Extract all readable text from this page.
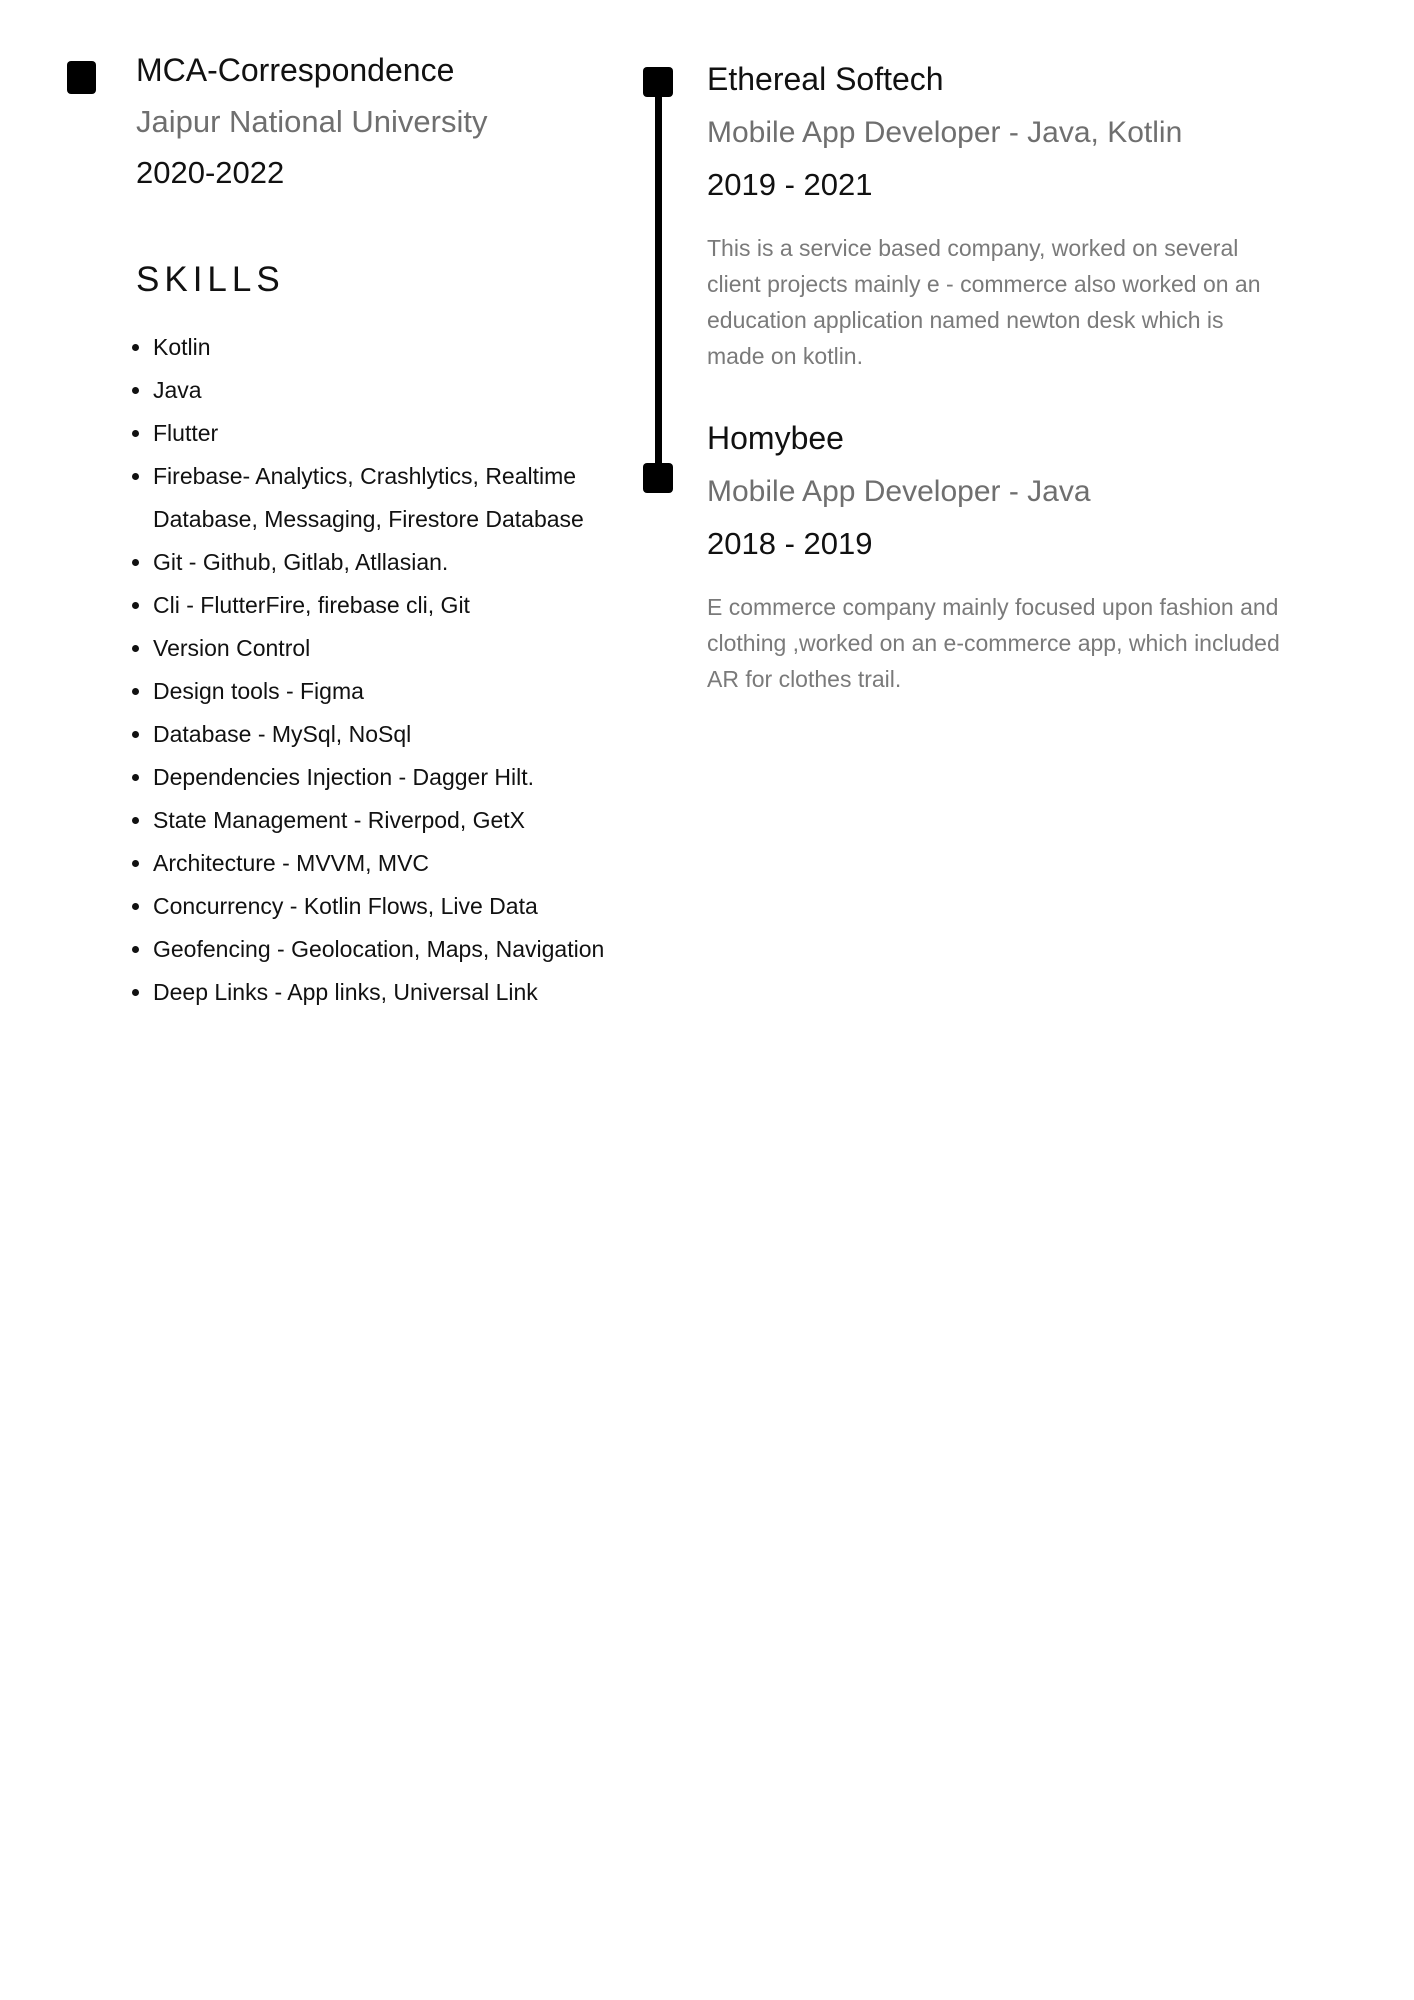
MCA-Correspondence
Jaipur National University
2020-2022
SKILLS
• Kotlin
• Java
• Flutter
• Firebase- Analytics, Crashlytics, Realtime Database, Messaging, Firestore Database
• Git - Github, Gitlab, Atllasian.
• Cli - FlutterFire, firebase cli, Git
• Version Control
• Design tools - Figma
• Database - MySql, NoSql
• Dependencies Injection - Dagger Hilt.
• State Management - Riverpod, GetX
• Architecture - MVVM, MVC
• Concurrency - Kotlin Flows, Live Data
• Geofencing - Geolocation, Maps, Navigation
• Deep Links - App links, Universal Link
Ethereal Softech
Mobile App Developer - Java, Kotlin
2019 - 2021
This is a service based company, worked on several client projects mainly e - commerce also worked on an education application named newton desk which is made on kotlin.
Homybee
Mobile App Developer - Java
2018 - 2019
E commerce company mainly focused upon fashion and clothing ,worked on an e-commerce app, which included AR for clothes trail.
